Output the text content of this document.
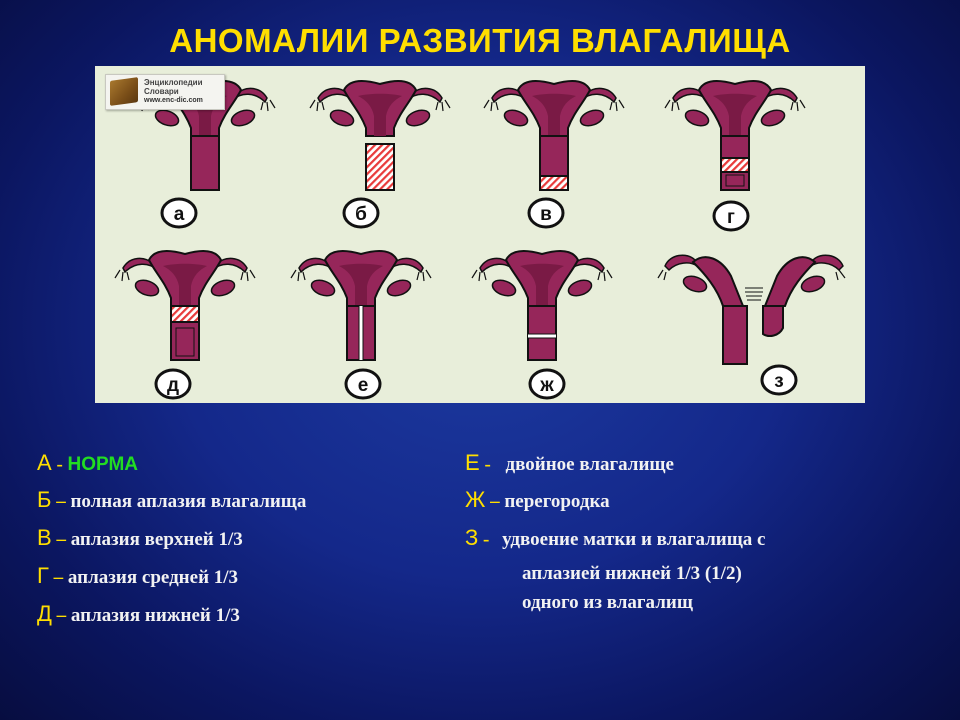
АНОМАЛИИ РАЗВИТИЯ ВЛАГАЛИЩА
а	б	в	г
д	е	ж	з
Энциклопедии
Словари
www.enc-dic.com
А - НОРМА
Б – полная аплазия влагалища
В – аплазия верхней 1/3
Г – аплазия средней 1/3
Д – аплазия нижней 1/3
Е - двойное влагалище
Ж – перегородка
З - удвоение матки и влагалища с
аплазией нижней 1/3 (1/2)
одного из влагалищ
